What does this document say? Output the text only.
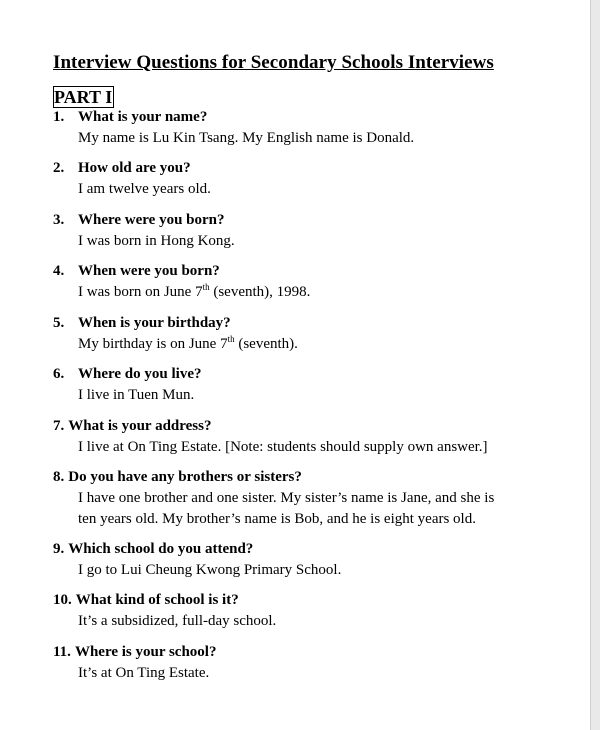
Interview Questions for Secondary Schools Interviews
PART I
1. What is your name?
My name is Lu Kin Tsang. My English name is Donald.
2. How old are you?
I am twelve years old.
3. Where were you born?
I was born in Hong Kong.
4. When were you born?
I was born on June 7th (seventh), 1998.
5. When is your birthday?
My birthday is on June 7th (seventh).
6. Where do you live?
I live in Tuen Mun.
7. What is your address?
I live at On Ting Estate. [Note: students should supply own answer.]
8. Do you have any brothers or sisters?
I have one brother and one sister. My sister’s name is Jane, and she is
ten years old. My brother’s name is Bob, and he is eight years old.
9. Which school do you attend?
I go to Lui Cheung Kwong Primary School.
10. What kind of school is it?
It’s a subsidized, full-day school.
11. Where is your school?
It’s at On Ting Estate.
